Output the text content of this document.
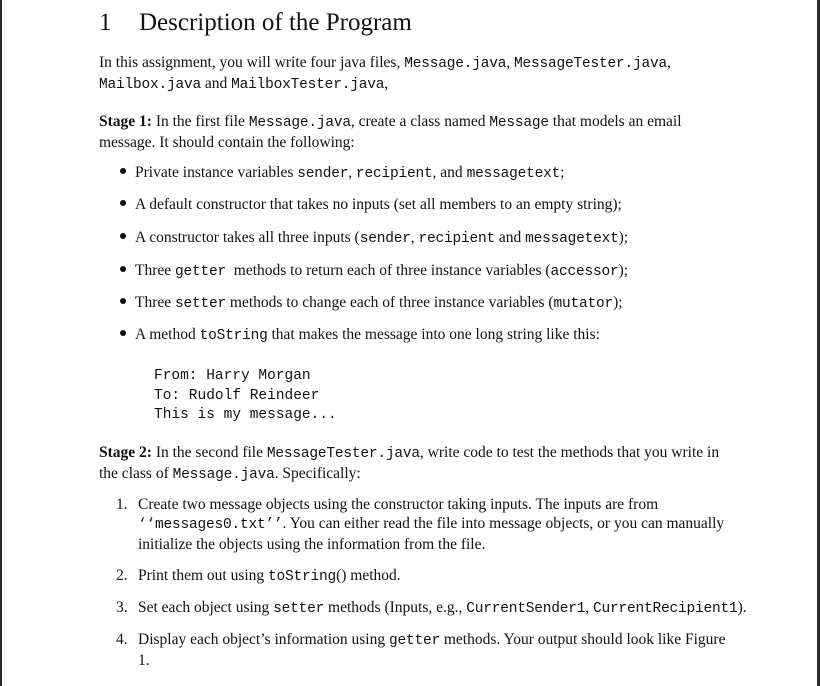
1 Description of the Program

In this assignment, you will write four java files, Message.java, MessageTester.java, Mailbox.java and MailboxTester.java,

Stage 1: In the first file Message.java, create a class named Message that models an email message. It should contain the following:

Private instance variables sender, recipient, and messagetext;
A default constructor that takes no inputs (set all members to an empty string);
A constructor takes all three inputs (sender, recipient and messagetext);
Three getter  methods to return each of three instance variables (accessor);
Three setter methods to change each of three instance variables (mutator);
A method toString that makes the message into one long string like this:
From: Harry Morgan
To: Rudolf Reindeer
This is my message...

Stage 2: In the second file MessageTester.java, write code to test the methods that you write in the class of Message.java. Specifically:

1. Create two message objects using the constructor taking inputs. The inputs are from ‘‘messages0.txt’’. You can either read the file into message objects, or you can manually initialize the objects using the information from the file.
2. Print them out using toString() method.
3. Set each object using setter methods (Inputs, e.g., CurrentSender1, CurrentRecipient1).
4. Display each object’s information using getter methods. Your output should look like Figure 1.
